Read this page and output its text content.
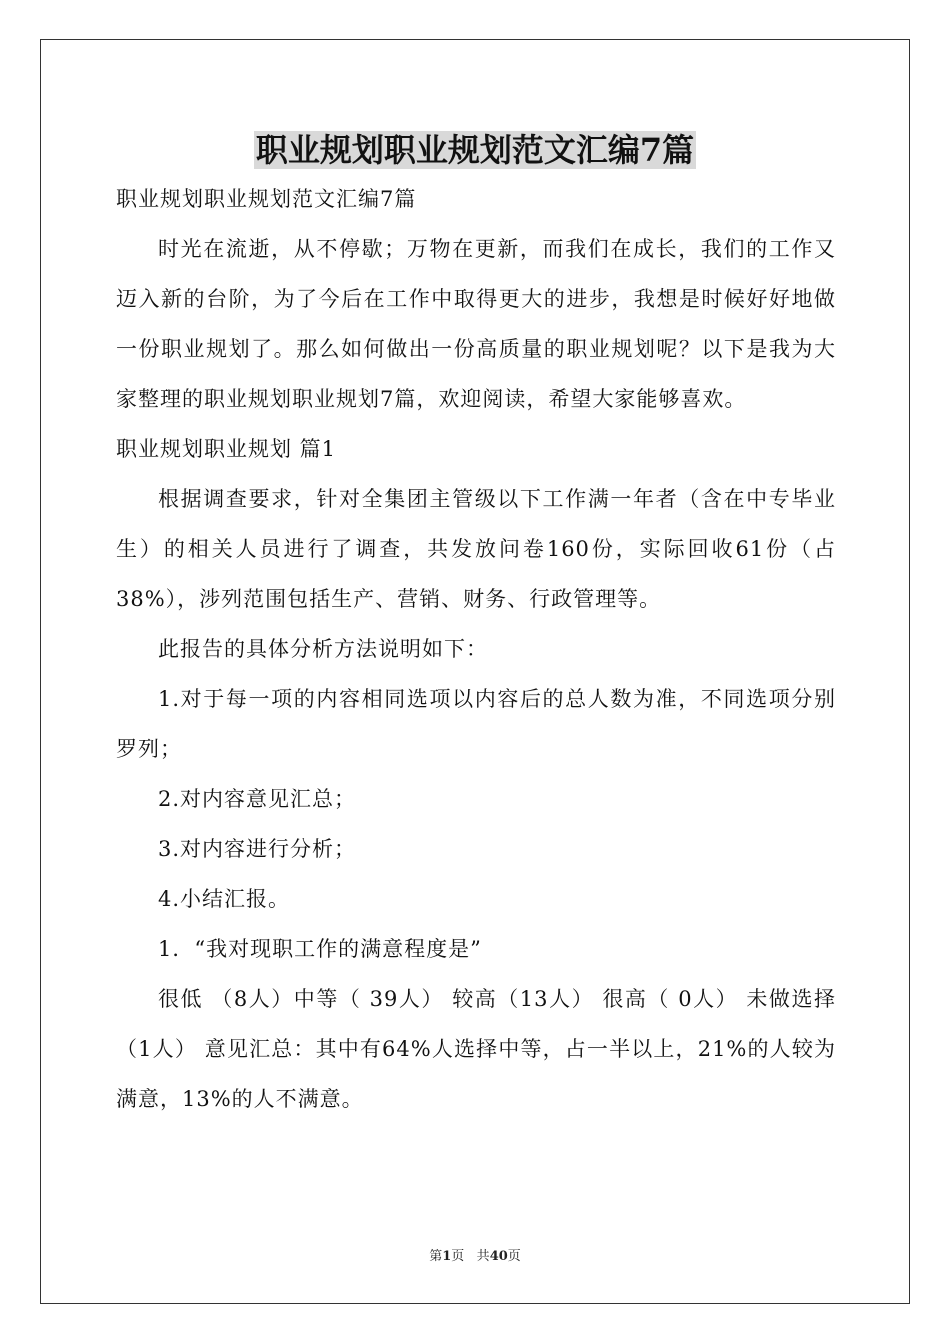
职业规划职业规划范文汇编7篇

职业规划职业规划范文汇编7篇

时光在流逝，从不停歇；万物在更新，而我们在成长，我们的工作又迈入新的台阶，为了今后在工作中取得更大的进步，我想是时候好好地做一份职业规划了。那么如何做出一份高质量的职业规划呢？以下是我为大家整理的职业规划职业规划7篇，欢迎阅读，希望大家能够喜欢。

职业规划职业规划 篇1

根据调查要求，针对全集团主管级以下工作满一年者（含在中专毕业生）的相关人员进行了调查，共发放问卷160份，实际回收61份（占38%），涉列范围包括生产、营销、财务、行政管理等。

此报告的具体分析方法说明如下：

1.对于每一项的内容相同选项以内容后的总人数为准，不同选项分别罗列；

2.对内容意见汇总；

3.对内容进行分析；

4.小结汇报。

1．“我对现职工作的满意程度是”

很低 （8人）中等（ 39人） 较高（13人） 很高（ 0人） 未做选择（1人） 意见汇总：其中有64%人选择中等，占一半以上，21%的人较为满意，13%的人不满意。

第1页 共40页
